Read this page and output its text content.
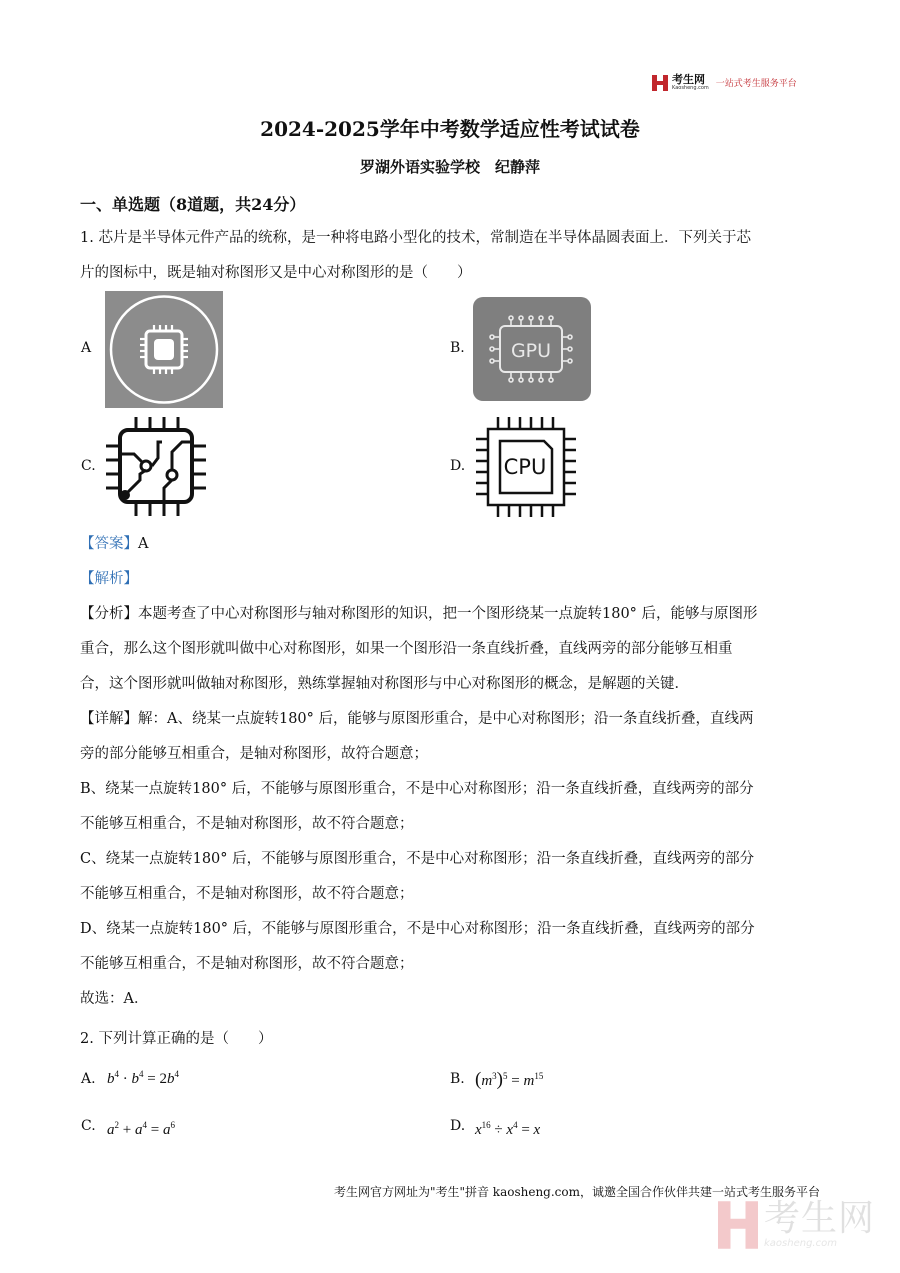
考生网
Kaosheng.com 一站式考生服务平台
2024-2025学年中考数学适应性考试试卷
罗湖外语实验学校　纪静萍
一、单选题（8道题，共24分）
1. 芯片是半导体元件产品的统称，是一种将电路小型化的技术，常制造在半导体晶圆表面上．下列关于芯
片的图标中，既是轴对称图形又是中心对称图形的是（　　）
A	B. GPU
C.	D. CPU
【答案】A
【解析】
【分析】本题考查了中心对称图形与轴对称图形的知识，把一个图形绕某一点旋转180° 后，能够与原图形
重合，那么这个图形就叫做中心对称图形，如果一个图形沿一条直线折叠，直线两旁的部分能够互相重
合，这个图形就叫做轴对称图形，熟练掌握轴对称图形与中心对称图形的概念，是解题的关键．
【详解】解：A、绕某一点旋转180° 后，能够与原图形重合，是中心对称图形；沿一条直线折叠，直线两
旁的部分能够互相重合，是轴对称图形，故符合题意；
B、绕某一点旋转180° 后，不能够与原图形重合，不是中心对称图形；沿一条直线折叠，直线两旁的部分
不能够互相重合，不是轴对称图形，故不符合题意；
C、绕某一点旋转180° 后，不能够与原图形重合，不是中心对称图形；沿一条直线折叠，直线两旁的部分
不能够互相重合，不是轴对称图形，故不符合题意；
D、绕某一点旋转180° 后，不能够与原图形重合，不是中心对称图形；沿一条直线折叠，直线两旁的部分
不能够互相重合，不是轴对称图形，故不符合题意；
故选：A．
2. 下列计算正确的是（　　）
A. $b^4 \cdot b^4 = 2b^4$	B. $(m^3)^5 = m^{15}$
C. $a^2 + a^4 = a^6$	D. $x^{16} \div x^4 = x$
考生网官方网址为"考生"拼音 kaosheng.com，诚邀全国合作伙伴共建一站式考生服务平台
考生网
kaosheng.com
